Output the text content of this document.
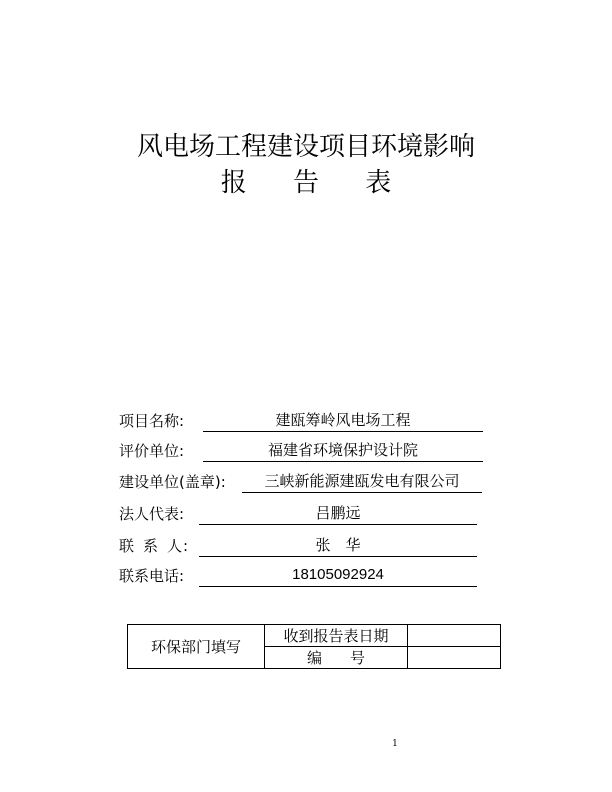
风电场工程建设项目环境影响
报 告 表
项目名称:	建瓯筹岭风电场工程
评价单位:	福建省环境保护设计院
建设单位(盖章):	三峡新能源建瓯发电有限公司
法人代表:	吕鹏远
联 系 人:	张　华
联系电话:	18105092924
环保部门填写	收到报告表日期	
	编 号	
1
